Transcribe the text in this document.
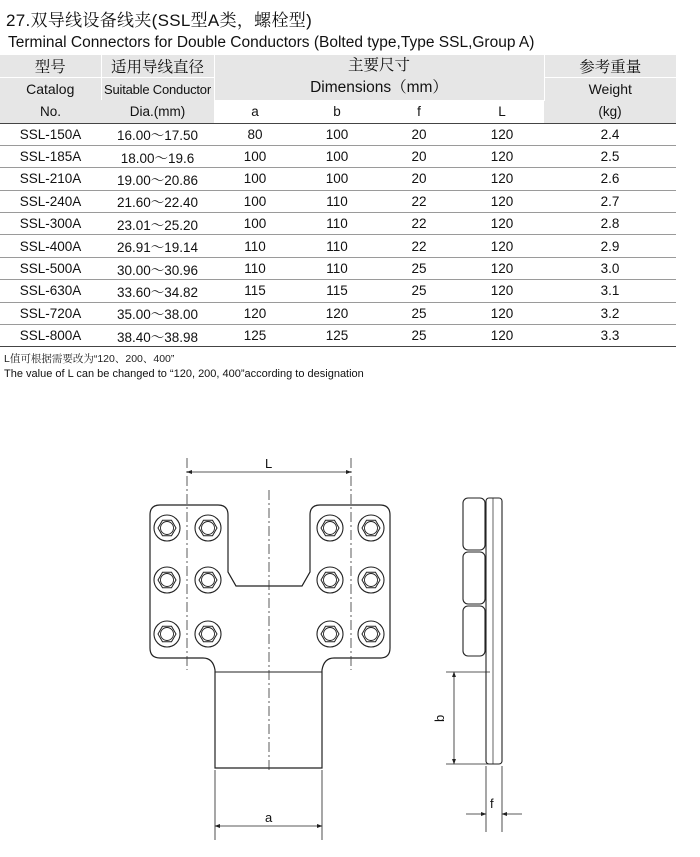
27.双导线设备线夹(SSL型A类，螺栓型)
Terminal Connectors for Double Conductors (Bolted type,Type SSL,Group A)
型号	适用导线直径	主要尺寸
Dimensions（mm）				参考重量
Catalog	Suitable Conductor					Weight
No.	Dia.(mm)	a	b	f	L	(kg)
SSL-150A	16.00～17.50	80	100	20	120	2.4
SSL-185A	18.00～19.6	100	100	20	120	2.5
SSL-210A	19.00～20.86	100	100	20	120	2.6
SSL-240A	21.60～22.40	100	110	22	120	2.7
SSL-300A	23.01～25.20	100	110	22	120	2.8
SSL-400A	26.91～19.14	110	110	22	120	2.9
SSL-500A	30.00～30.96	110	110	25	120	3.0
SSL-630A	33.60～34.82	115	115	25	120	3.1
SSL-720A	35.00～38.00	120	120	25	120	3.2
SSL-800A	38.40～38.98	125	125	25	120	3.3
L值可根据需要改为“120、200、400”
The value of L can be changed to “120, 200, 400”according to designation
L
a
b
f
